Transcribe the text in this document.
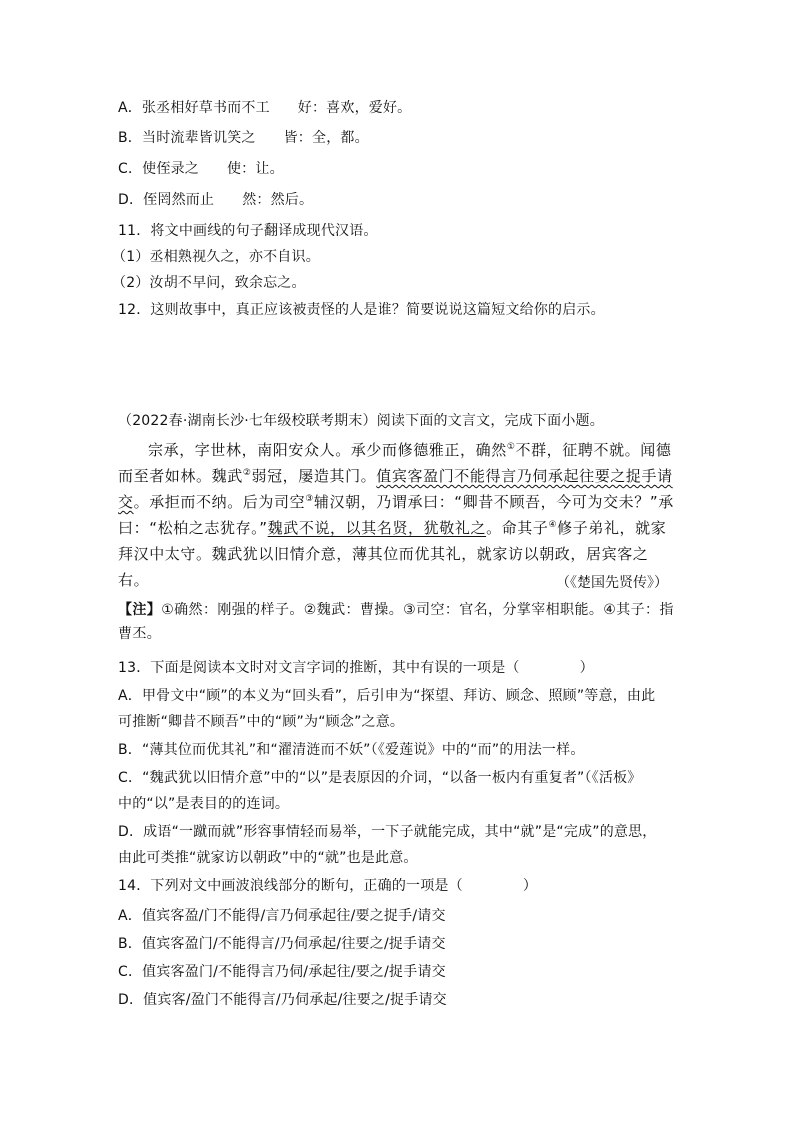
A．张丞相好草书而不工 好：喜欢，爱好。
B．当时流辈皆讥笑之 皆：全，都。
C．使侄录之 使：让。
D．侄罔然而止 然：然后。
11．将文中画线的句子翻译成现代汉语。
（1）丞相熟视久之，亦不自识。
（2）汝胡不早问，致余忘之。
12．这则故事中，真正应该被责怪的人是谁？简要说说这篇短文给你的启示。
（2022春·湖南长沙·七年级校联考期末）阅读下面的文言文，完成下面小题。

宗承，字世林，南阳安众人。承少而修德雅正，确然①不群，征聘不就。闻德而至者如林。魏武②弱冠，屡造其门。值宾客盈门不能得言乃伺承起往要之捉手请交。承拒而不纳。后为司空③辅汉朝，乃谓承曰：“卿昔不顾吾，今可为交未？”承曰：“松柏之志犹存。”魏武不说，以其名贤，犹敬礼之。命其子④修子弟礼，就家拜汉中太守。魏武犹以旧情介意，薄其位而优其礼，就家访以朝政，居宾客之右。	（《楚国先贤传》）
【注】①确然：刚强的样子。②魏武：曹操。③司空：官名，分掌宰相职能。④其子：指曹丕。
13．下面是阅读本文时对文言字词的推断，其中有误的一项是（	）
A．甲骨文中“顾”的本义为“回头看”，后引申为“探望、拜访、顾念、照顾”等意，由此
可推断“卿昔不顾吾”中的“顾”为“顾念”之意。
B．“薄其位而优其礼”和“濯清涟而不妖”（《爱莲说》中的“而”的用法一样。
C．“魏武犹以旧情介意”中的“以”是表原因的介词，“以备一板内有重复者”（《活板》
中的“以”是表目的的连词。
D．成语“一蹴而就”形容事情轻而易举，一下子就能完成，其中“就”是“完成”的意思，
由此可类推“就家访以朝政”中的“就”也是此意。
14．下列对文中画波浪线部分的断句，正确的一项是（	）
A．值宾客盈/门不能得/言乃伺承起往/要之捉手/请交
B．值宾客盈门/不能得言/乃伺承起/往要之/捉手请交
C．值宾客盈门/不能得言乃伺/承起往/要之/捉手请交
D．值宾客/盈门不能得言/乃伺承起/往要之/捉手请交
